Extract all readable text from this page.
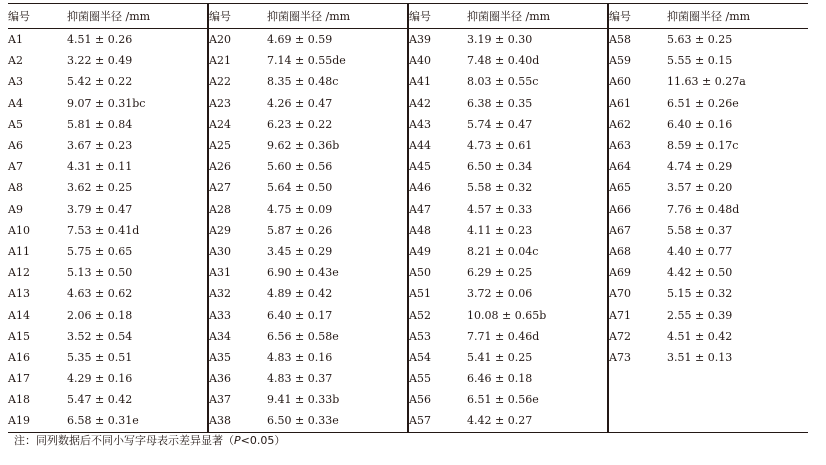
编号	抑菌圈半径 /mm	编号	抑菌圈半径 /mm	编号	抑菌圈半径 /mm	编号	抑菌圈半径 /mm
A1	4.51 ± 0.26	A20	4.69 ± 0.59	A39	3.19 ± 0.30	A58	5.63 ± 0.25
A2	3.22 ± 0.49	A21	7.14 ± 0.55de	A40	7.48 ± 0.40d	A59	5.55 ± 0.15
A3	5.42 ± 0.22	A22	8.35 ± 0.48c	A41	8.03 ± 0.55c	A60	11.63 ± 0.27a
A4	9.07 ± 0.31bc	A23	4.26 ± 0.47	A42	6.38 ± 0.35	A61	6.51 ± 0.26e
A5	5.81 ± 0.84	A24	6.23 ± 0.22	A43	5.74 ± 0.47	A62	6.40 ± 0.16
A6	3.67 ± 0.23	A25	9.62 ± 0.36b	A44	4.73 ± 0.61	A63	8.59 ± 0.17c
A7	4.31 ± 0.11	A26	5.60 ± 0.56	A45	6.50 ± 0.34	A64	4.74 ± 0.29
A8	3.62 ± 0.25	A27	5.64 ± 0.50	A46	5.58 ± 0.32	A65	3.57 ± 0.20
A9	3.79 ± 0.47	A28	4.75 ± 0.09	A47	4.57 ± 0.33	A66	7.76 ± 0.48d
A10	7.53 ± 0.41d	A29	5.87 ± 0.26	A48	4.11 ± 0.23	A67	5.58 ± 0.37
A11	5.75 ± 0.65	A30	3.45 ± 0.29	A49	8.21 ± 0.04c	A68	4.40 ± 0.77
A12	5.13 ± 0.50	A31	6.90 ± 0.43e	A50	6.29 ± 0.25	A69	4.42 ± 0.50
A13	4.63 ± 0.62	A32	4.89 ± 0.42	A51	3.72 ± 0.06	A70	5.15 ± 0.32
A14	2.06 ± 0.18	A33	6.40 ± 0.17	A52	10.08 ± 0.65b	A71	2.55 ± 0.39
A15	3.52 ± 0.54	A34	6.56 ± 0.58e	A53	7.71 ± 0.46d	A72	4.51 ± 0.42
A16	5.35 ± 0.51	A35	4.83 ± 0.16	A54	5.41 ± 0.25	A73	3.51 ± 0.13
A17	4.29 ± 0.16	A36	4.83 ± 0.37	A55	6.46 ± 0.18		
A18	5.47 ± 0.42	A37	9.41 ± 0.33b	A56	6.51 ± 0.56e		
A19	6.58 ± 0.31e	A38	6.50 ± 0.33e	A57	4.42 ± 0.27		
注：同列数据后不同小写字母表示差异显著（P<0.05）
